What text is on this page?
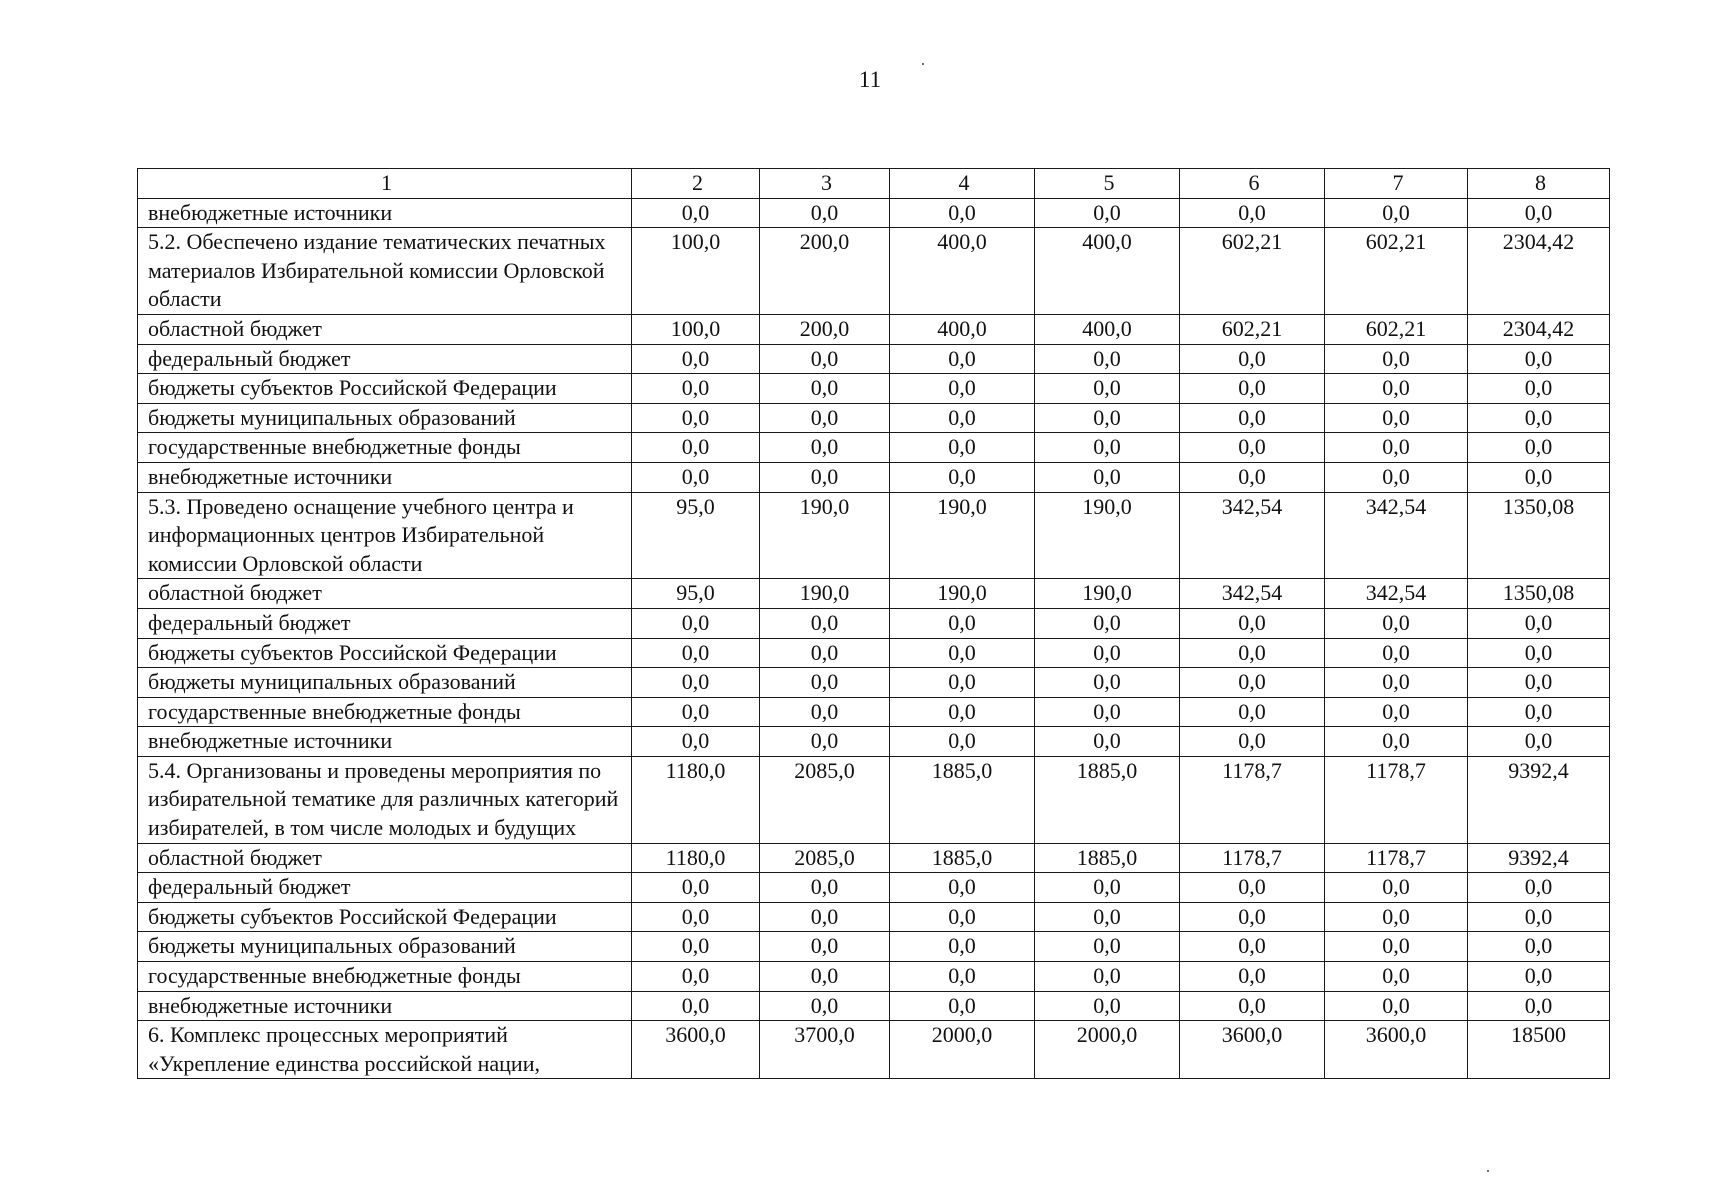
11
1	2	3	4	5	6	7	8
внебюджетные источники	0,0	0,0	0,0	0,0	0,0	0,0	0,0
5.2. Обеспечено издание тематических печатных материалов Избирательной комиссии Орловской области	100,0	200,0	400,0	400,0	602,21	602,21	2304,42
областной бюджет	100,0	200,0	400,0	400,0	602,21	602,21	2304,42
федеральный бюджет	0,0	0,0	0,0	0,0	0,0	0,0	0,0
бюджеты субъектов Российской Федерации	0,0	0,0	0,0	0,0	0,0	0,0	0,0
бюджеты муниципальных образований	0,0	0,0	0,0	0,0	0,0	0,0	0,0
государственные внебюджетные фонды	0,0	0,0	0,0	0,0	0,0	0,0	0,0
внебюджетные источники	0,0	0,0	0,0	0,0	0,0	0,0	0,0
5.3. Проведено оснащение учебного центра и информационных центров Избирательной комиссии Орловской области	95,0	190,0	190,0	190,0	342,54	342,54	1350,08
областной бюджет	95,0	190,0	190,0	190,0	342,54	342,54	1350,08
федеральный бюджет	0,0	0,0	0,0	0,0	0,0	0,0	0,0
бюджеты субъектов Российской Федерации	0,0	0,0	0,0	0,0	0,0	0,0	0,0
бюджеты муниципальных образований	0,0	0,0	0,0	0,0	0,0	0,0	0,0
государственные внебюджетные фонды	0,0	0,0	0,0	0,0	0,0	0,0	0,0
внебюджетные источники	0,0	0,0	0,0	0,0	0,0	0,0	0,0
5.4. Организованы и проведены мероприятия по избирательной тематике для различных категорий избирателей, в том числе молодых и будущих	1180,0	2085,0	1885,0	1885,0	1178,7	1178,7	9392,4
областной бюджет	1180,0	2085,0	1885,0	1885,0	1178,7	1178,7	9392,4
федеральный бюджет	0,0	0,0	0,0	0,0	0,0	0,0	0,0
бюджеты субъектов Российской Федерации	0,0	0,0	0,0	0,0	0,0	0,0	0,0
бюджеты муниципальных образований	0,0	0,0	0,0	0,0	0,0	0,0	0,0
государственные внебюджетные фонды	0,0	0,0	0,0	0,0	0,0	0,0	0,0
внебюджетные источники	0,0	0,0	0,0	0,0	0,0	0,0	0,0
6. Комплекс процессных мероприятий «Укрепление единства российской нации,	3600,0	3700,0	2000,0	2000,0	3600,0	3600,0	18500
